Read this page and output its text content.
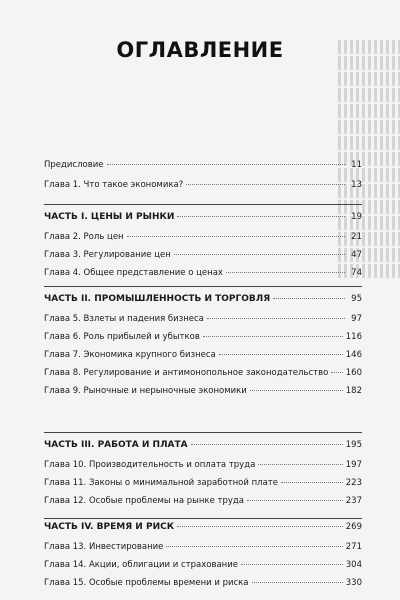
ОГЛАВЛЕНИЕ
Предисловие	11
Глава 1. Что такое экономика?	13
ЧАСТЬ I. ЦЕНЫ И РЫНКИ	19
Глава 2. Роль цен	21
Глава 3. Регулирование цен	47
Глава 4. Общее представление о ценах	74
ЧАСТЬ II. ПРОМЫШЛЕННОСТЬ И ТОРГОВЛЯ	95
Глава 5. Взлеты и падения бизнеса	97
Глава 6. Роль прибылей и убытков	116
Глава 7. Экономика крупного бизнеса	146
Глава 8. Регулирование и антимонопольное законодательство 160
Глава 9. Рыночные и нерыночные экономики	182
ЧАСТЬ III. РАБОТА И ПЛАТА	195
Глава 10. Производительность и оплата труда	197
Глава 11. Законы о минимальной заработной плате	223
Глава 12. Особые проблемы на рынке труда	237
ЧАСТЬ IV. ВРЕМЯ И РИСК	269
Глава 13. Инвестирование	271
Глава 14. Акции, облигации и страхование	304
Глава 15. Особые проблемы времени и риска	330
